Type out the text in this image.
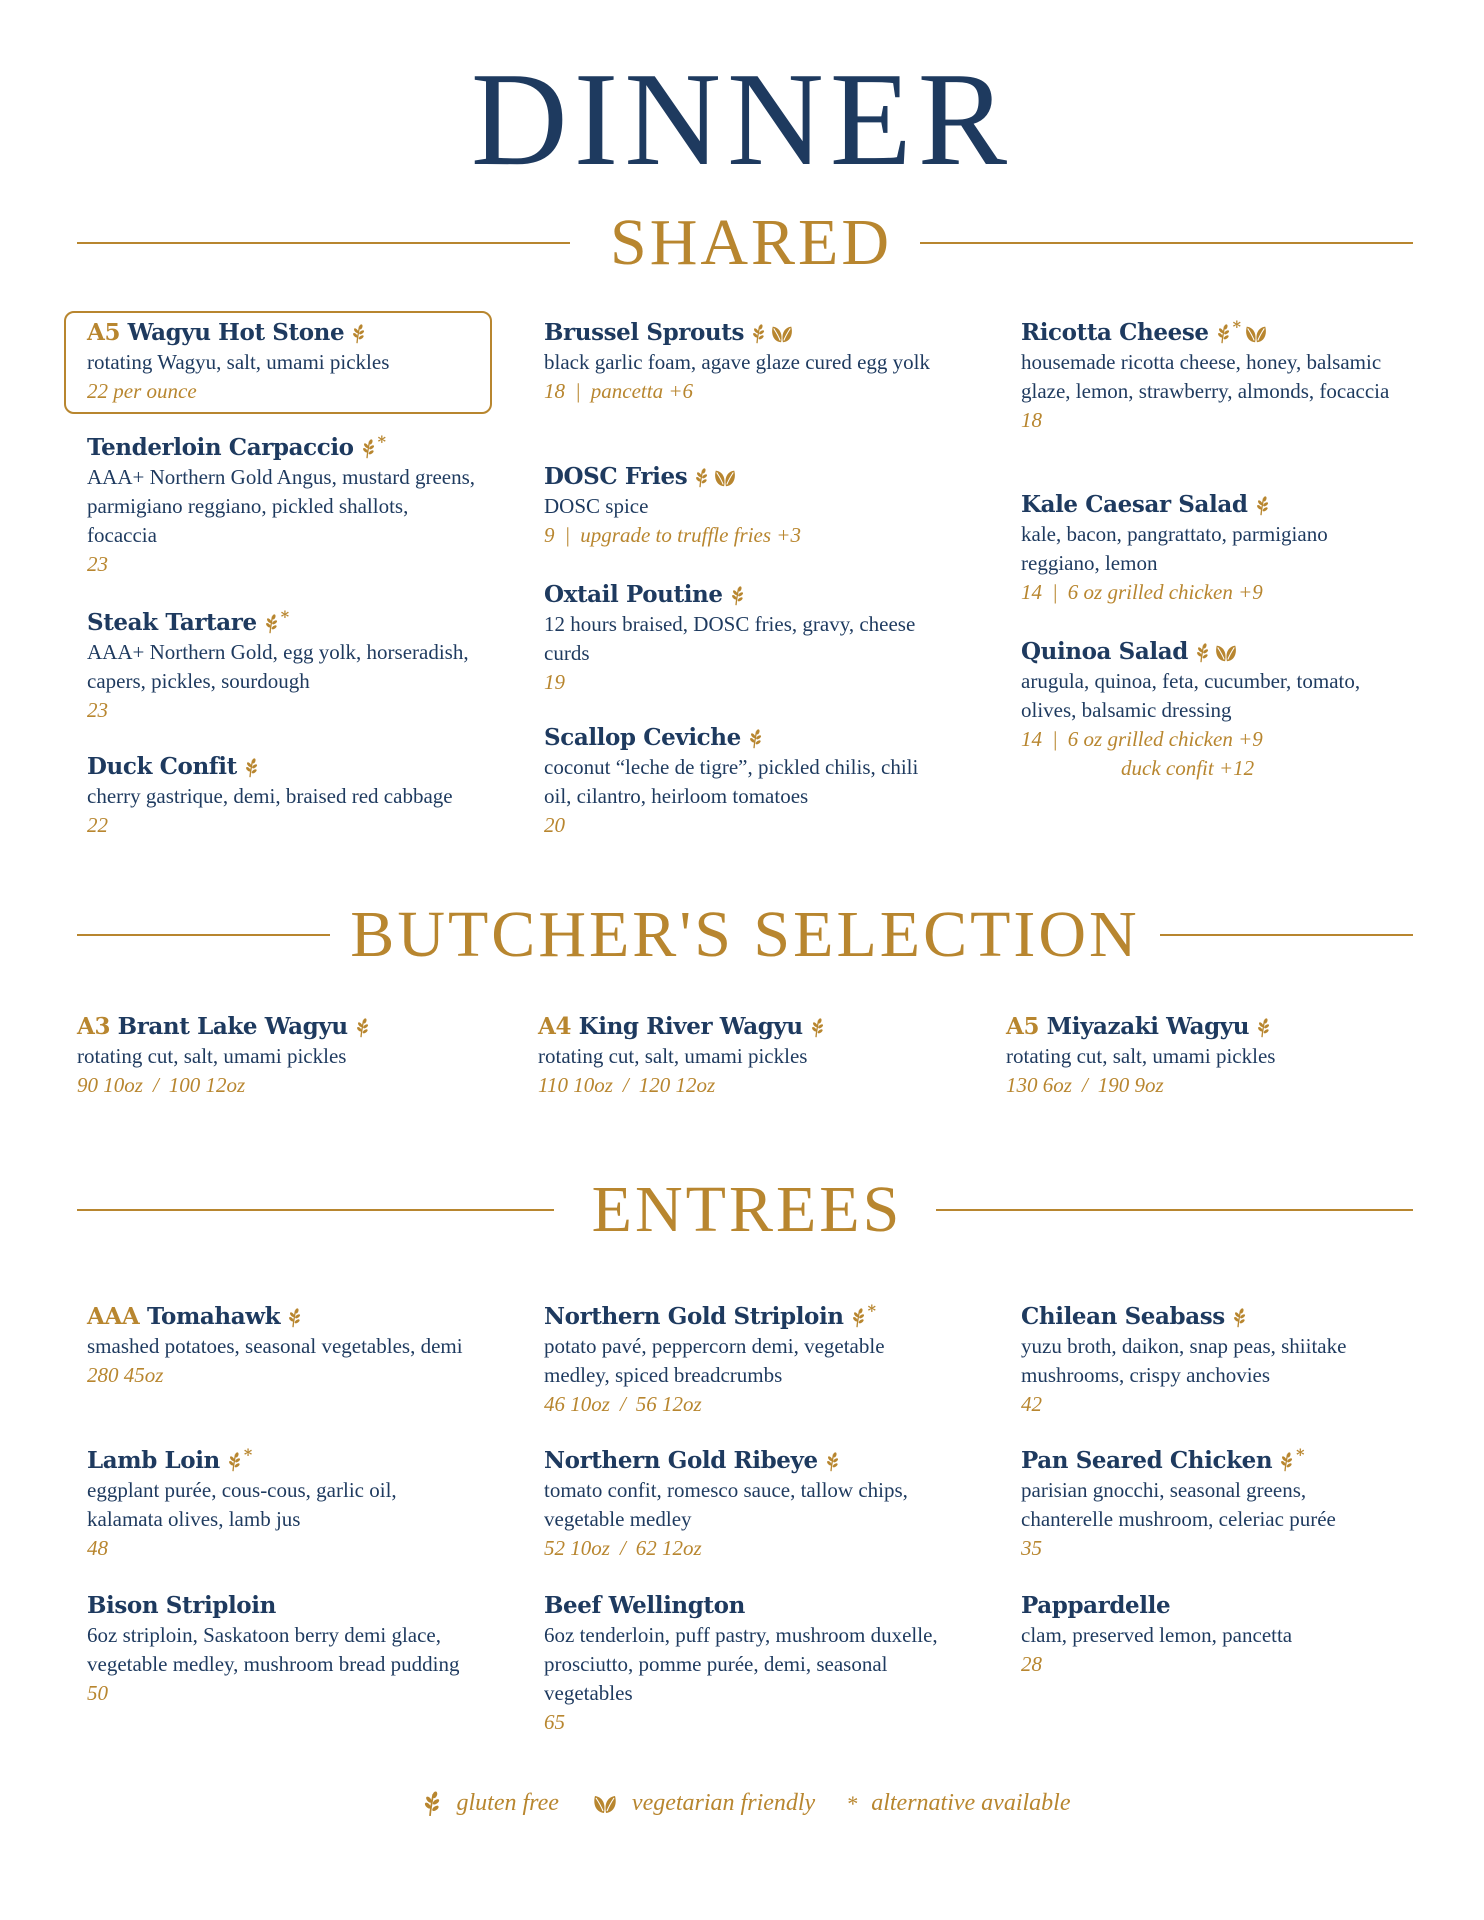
DINNER
SHARED
BUTCHER'S SELECTION
ENTREES
A5 Wagyu Hot Stone
rotating Wagyu, salt, umami pickles
22 per ounce
Tenderloin Carpaccio *
AAA+ Northern Gold Angus, mustard greens, parmigiano reggiano, pickled shallots, focaccia
23
Steak Tartare *
AAA+ Northern Gold, egg yolk, horseradish, capers, pickles, sourdough
23
Duck Confit
cherry gastrique, demi, braised red cabbage
22
Brussel Sprouts
black garlic foam, agave glaze cured egg yolk
18 | pancetta +6
DOSC Fries
DOSC spice
9 | upgrade to truffle fries +3
Oxtail Poutine
12 hours braised, DOSC fries, gravy, cheese curds
19
Scallop Ceviche
coconut “leche de tigre”, pickled chilis, chili oil, cilantro, heirloom tomatoes
20
Ricotta Cheese *
housemade ricotta cheese, honey, balsamic glaze, lemon, strawberry, almonds, focaccia
18
Kale Caesar Salad
kale, bacon, pangrattato, parmigiano reggiano, lemon
14 | 6 oz grilled chicken +9
Quinoa Salad
arugula, quinoa, feta, cucumber, tomato, olives, balsamic dressing
14 | 6 oz grilled chicken +9
duck confit +12
A3 Brant Lake Wagyu
rotating cut, salt, umami pickles
90 10oz / 100 12oz
A4 King River Wagyu
rotating cut, salt, umami pickles
110 10oz / 120 12oz
A5 Miyazaki Wagyu
rotating cut, salt, umami pickles
130 6oz / 190 9oz
AAA Tomahawk
smashed potatoes, seasonal vegetables, demi
280 45oz
Lamb Loin *
eggplant purée, cous-cous, garlic oil, kalamata olives, lamb jus
48
Bison Striploin
6oz striploin, Saskatoon berry demi glace, vegetable medley, mushroom bread pudding
50
Northern Gold Striploin *
potato pavé, peppercorn demi, vegetable medley, spiced breadcrumbs
46 10oz / 56 12oz
Northern Gold Ribeye
tomato confit, romesco sauce, tallow chips, vegetable medley
52 10oz / 62 12oz
Beef Wellington
6oz tenderloin, puff pastry, mushroom duxelle, prosciutto, pomme purée, demi, seasonal vegetables
65
Chilean Seabass
yuzu broth, daikon, snap peas, shiitake mushrooms, crispy anchovies
42
Pan Seared Chicken *
parisian gnocchi, seasonal greens, chanterelle mushroom, celeriac purée
35
Pappardelle
clam, preserved lemon, pancetta
28
gluten free	vegetarian friendly * alternative available
